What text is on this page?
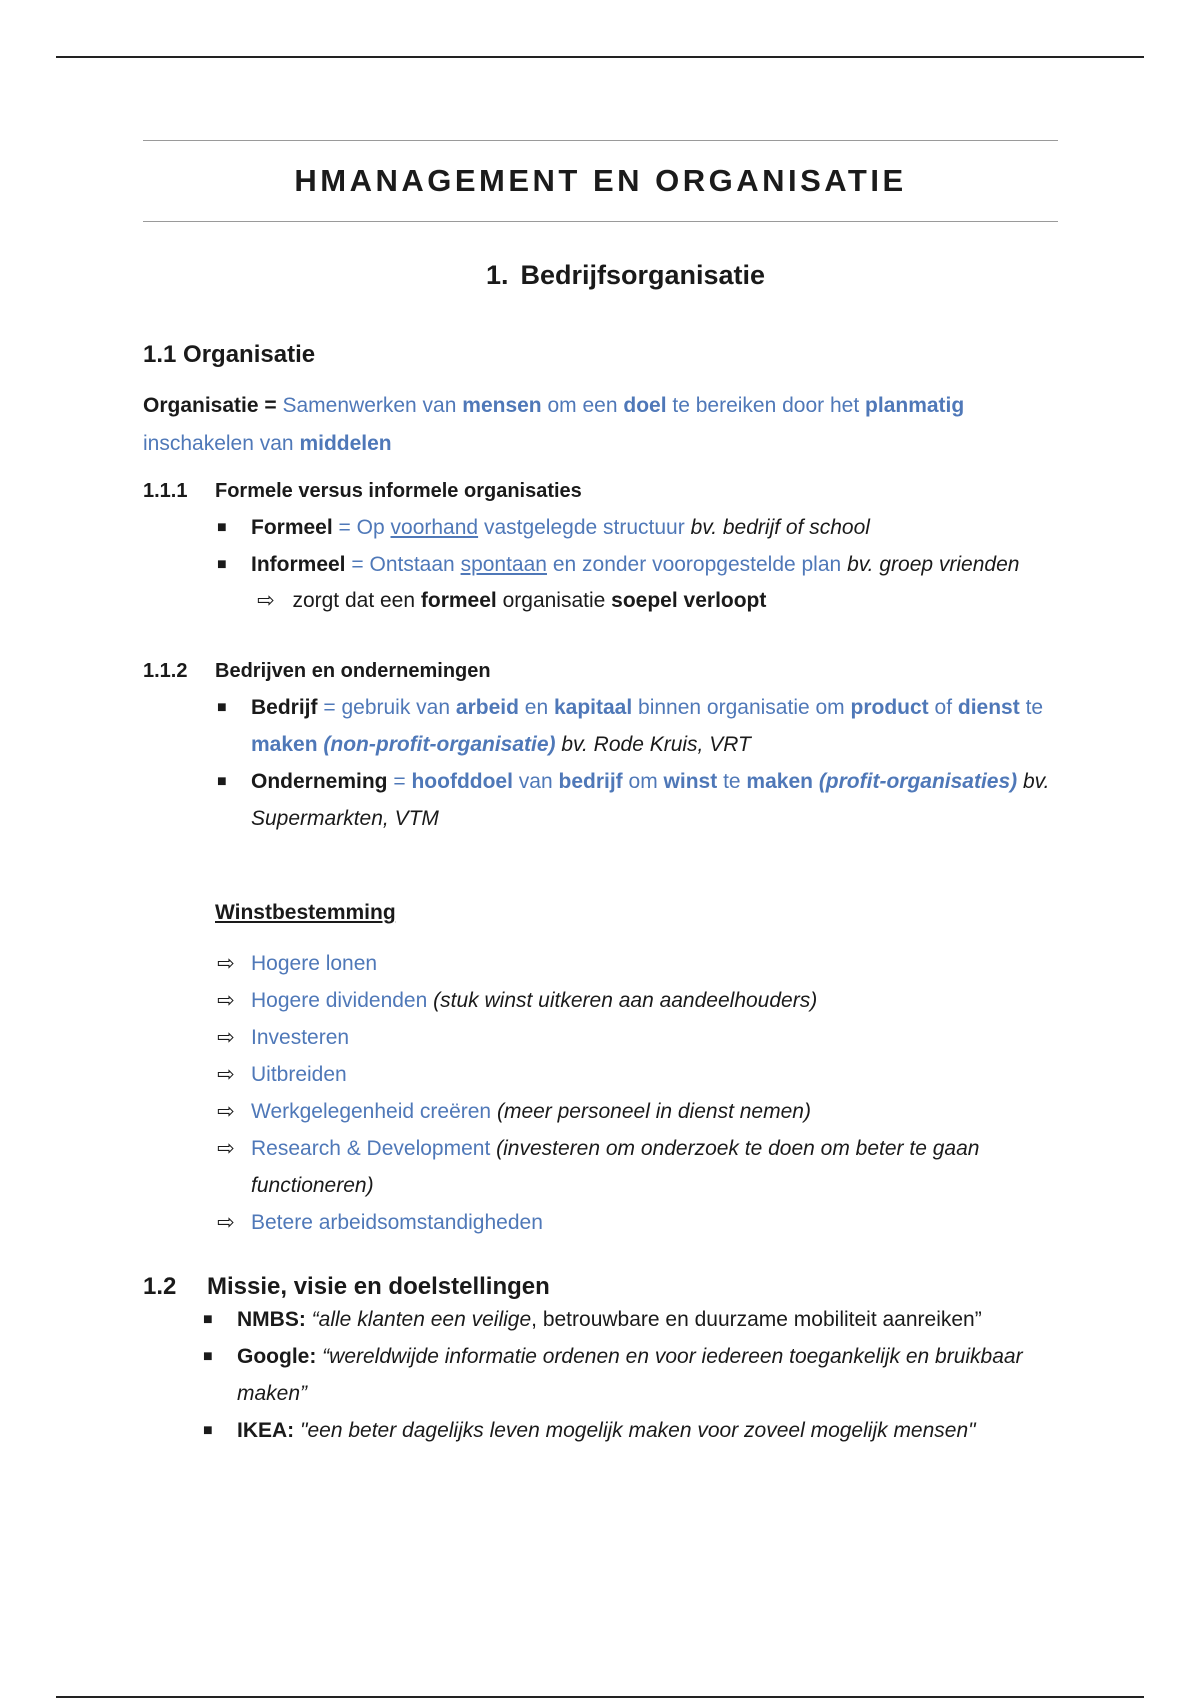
HMANAGEMENT EN ORGANISATIE
1. Bedrijfsorganisatie
1.1 Organisatie

Organisatie = Samenwerken van mensen om een doel te bereiken door het planmatig inschakelen van middelen

1.1.1 Formele versus informele organisaties
■ Formeel = Op voorhand vastgelegde structuur bv. bedrijf of school
■ Informeel = Ontstaan spontaan en zonder vooropgestelde plan bv. groep vrienden
⇨ zorgt dat een formeel organisatie soepel verloopt
1.1.2 Bedrijven en ondernemingen
■ Bedrijf = gebruik van arbeid en kapitaal binnen organisatie om product of dienst te maken (non-profit-organisatie) bv. Rode Kruis, VRT
■ Onderneming = hoofddoel van bedrijf om winst te maken (profit-organisaties) bv. Supermarkten, VTM
Winstbestemming
⇨ Hogere lonen
⇨ Hogere dividenden (stuk winst uitkeren aan aandeelhouders)
⇨ Investeren
⇨ Uitbreiden
⇨ Werkgelegenheid creëren (meer personeel in dienst nemen)
⇨ Research & Development (investeren om onderzoek te doen om beter te gaan functioneren)
⇨ Betere arbeidsomstandigheden
1.2 Missie, visie en doelstellingen
■ NMBS: “alle klanten een veilige, betrouwbare en duurzame mobiliteit aanreiken”
■ Google: “wereldwijde informatie ordenen en voor iedereen toegankelijk en bruikbaar maken”
■ IKEA: "een beter dagelijks leven mogelijk maken voor zoveel mogelijk mensen"
